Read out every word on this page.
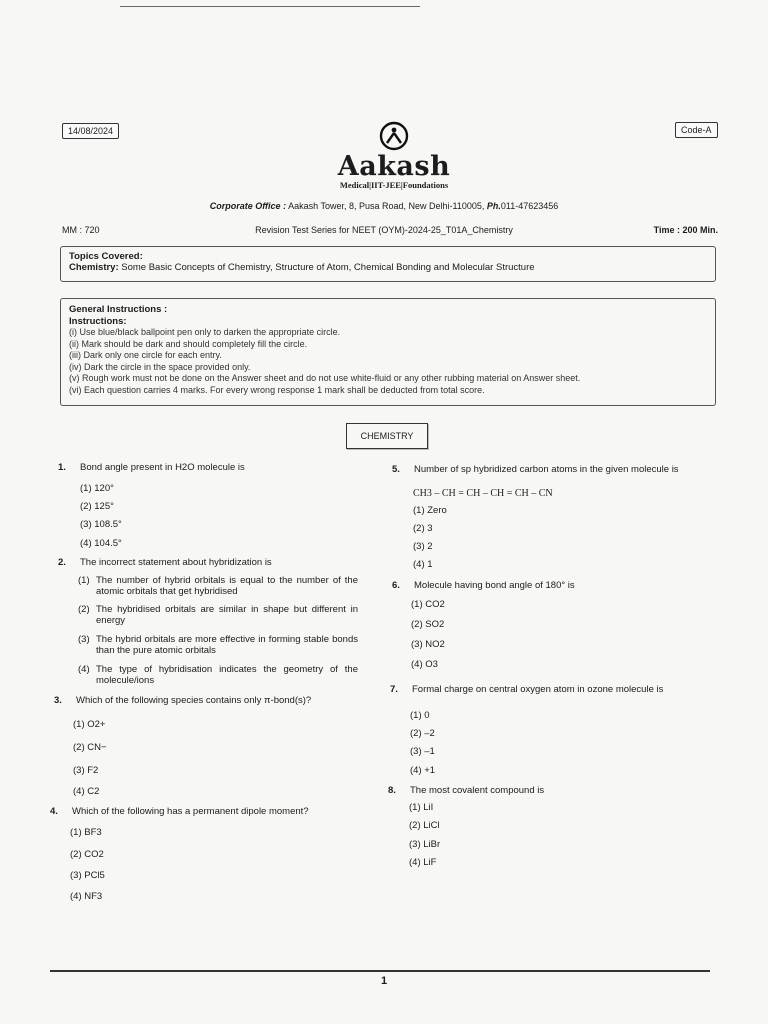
14/08/2024	Code-A
Aakash
Medical|IIT-JEE|Foundations
Corporate Office : Aakash Tower, 8, Pusa Road, New Delhi-110005, Ph.011-47623456
MM : 720	Revision Test Series for NEET (OYM)-2024-25_T01A_Chemistry	Time : 200 Min.
Topics Covered:
Chemistry: Some Basic Concepts of Chemistry, Structure of Atom, Chemical Bonding and Molecular Structure
General Instructions :
Instructions:
(i) Use blue/black ballpoint pen only to darken the appropriate circle.
(ii) Mark should be dark and should completely fill the circle.
(iii) Dark only one circle for each entry.
(iv) Dark the circle in the space provided only.
(v) Rough work must not be done on the Answer sheet and do not use white-fluid or any other rubbing material on Answer sheet.
(vi) Each question carries 4 marks. For every wrong response 1 mark shall be deducted from total score.
CHEMISTRY
1. Bond angle present in H2O molecule is
(1) 120°
(2) 125°
(3) 108.5°
(4) 104.5°
2. The incorrect statement about hybridization is
(1) The number of hybrid orbitals is equal to the number of the atomic orbitals that get hybridised
(2) The hybridised orbitals are similar in shape but different in energy
(3) The hybrid orbitals are more effective in forming stable bonds than the pure atomic orbitals
(4) The type of hybridisation indicates the geometry of the molecule/ions
3. Which of the following species contains only π-bond(s)?
(1) O2+
(2) CN−
(3) F2
(4) C2
4. Which of the following has a permanent dipole moment?
(1) BF3
(2) CO2
(3) PCl5
(4) NF3
5. Number of sp hybridized carbon atoms in the given molecule is
CH3 – CH = CH – CH = CH – CN
(1) Zero
(2) 3
(3) 2
(4) 1
6. Molecule having bond angle of 180° is
(1) CO2
(2) SO2
(3) NO2
(4) O3
7. Formal charge on central oxygen atom in ozone molecule is
(1) 0
(2) –2
(3) –1
(4) +1
8. The most covalent compound is
(1) LiI
(2) LiCl
(3) LiBr
(4) LiF
1
